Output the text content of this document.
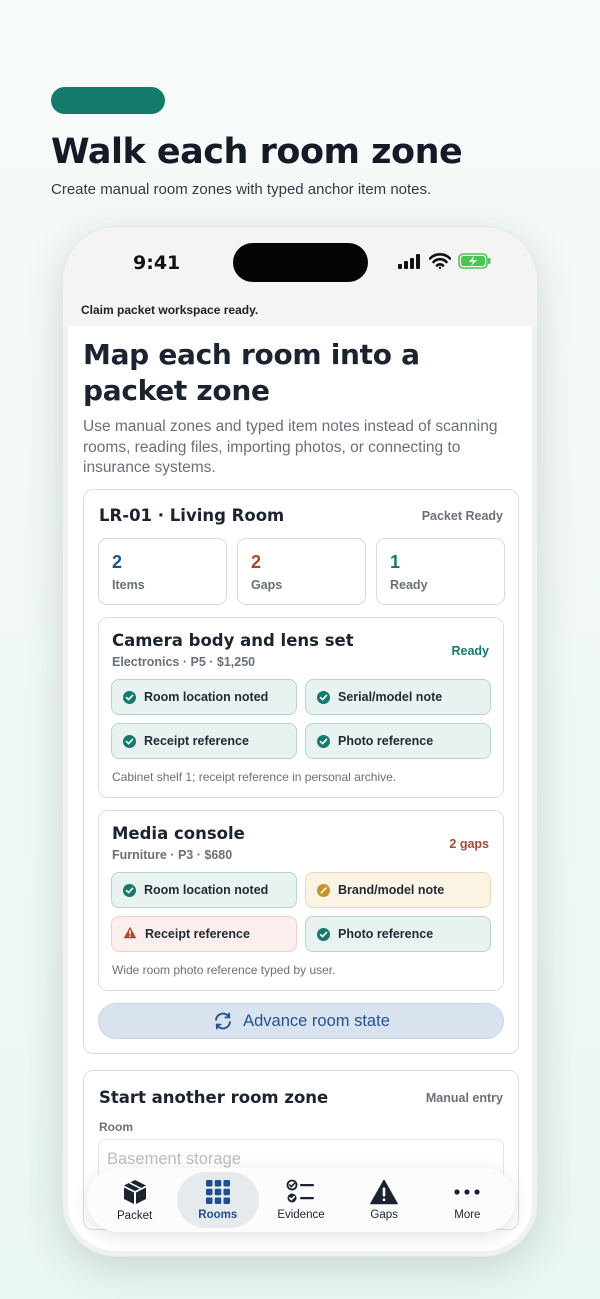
Walk each room zone
Create manual room zones with typed anchor item notes.
9:41
Claim packet workspace ready.
Map each room into a packet zone
Use manual zones and typed item notes instead of scanning rooms, reading files, importing photos, or connecting to insurance systems.
LR-01 · Living Room	Packet Ready
2
Items
2
Gaps
1
Ready
Camera body and lens set
Electronics · P5 · $1,250
Ready
Room location noted	Serial/model note
Receipt reference	Photo reference
Cabinet shelf 1; receipt reference in personal archive.
Media console
Furniture · P3 · $680
2 gaps
Room location noted	Brand/model note
Receipt reference	Photo reference
Wide room photo reference typed by user.
Advance room state
Start another room zone	Manual entry
Room
Basement storage
Packet	Rooms	Evidence	Gaps	More
